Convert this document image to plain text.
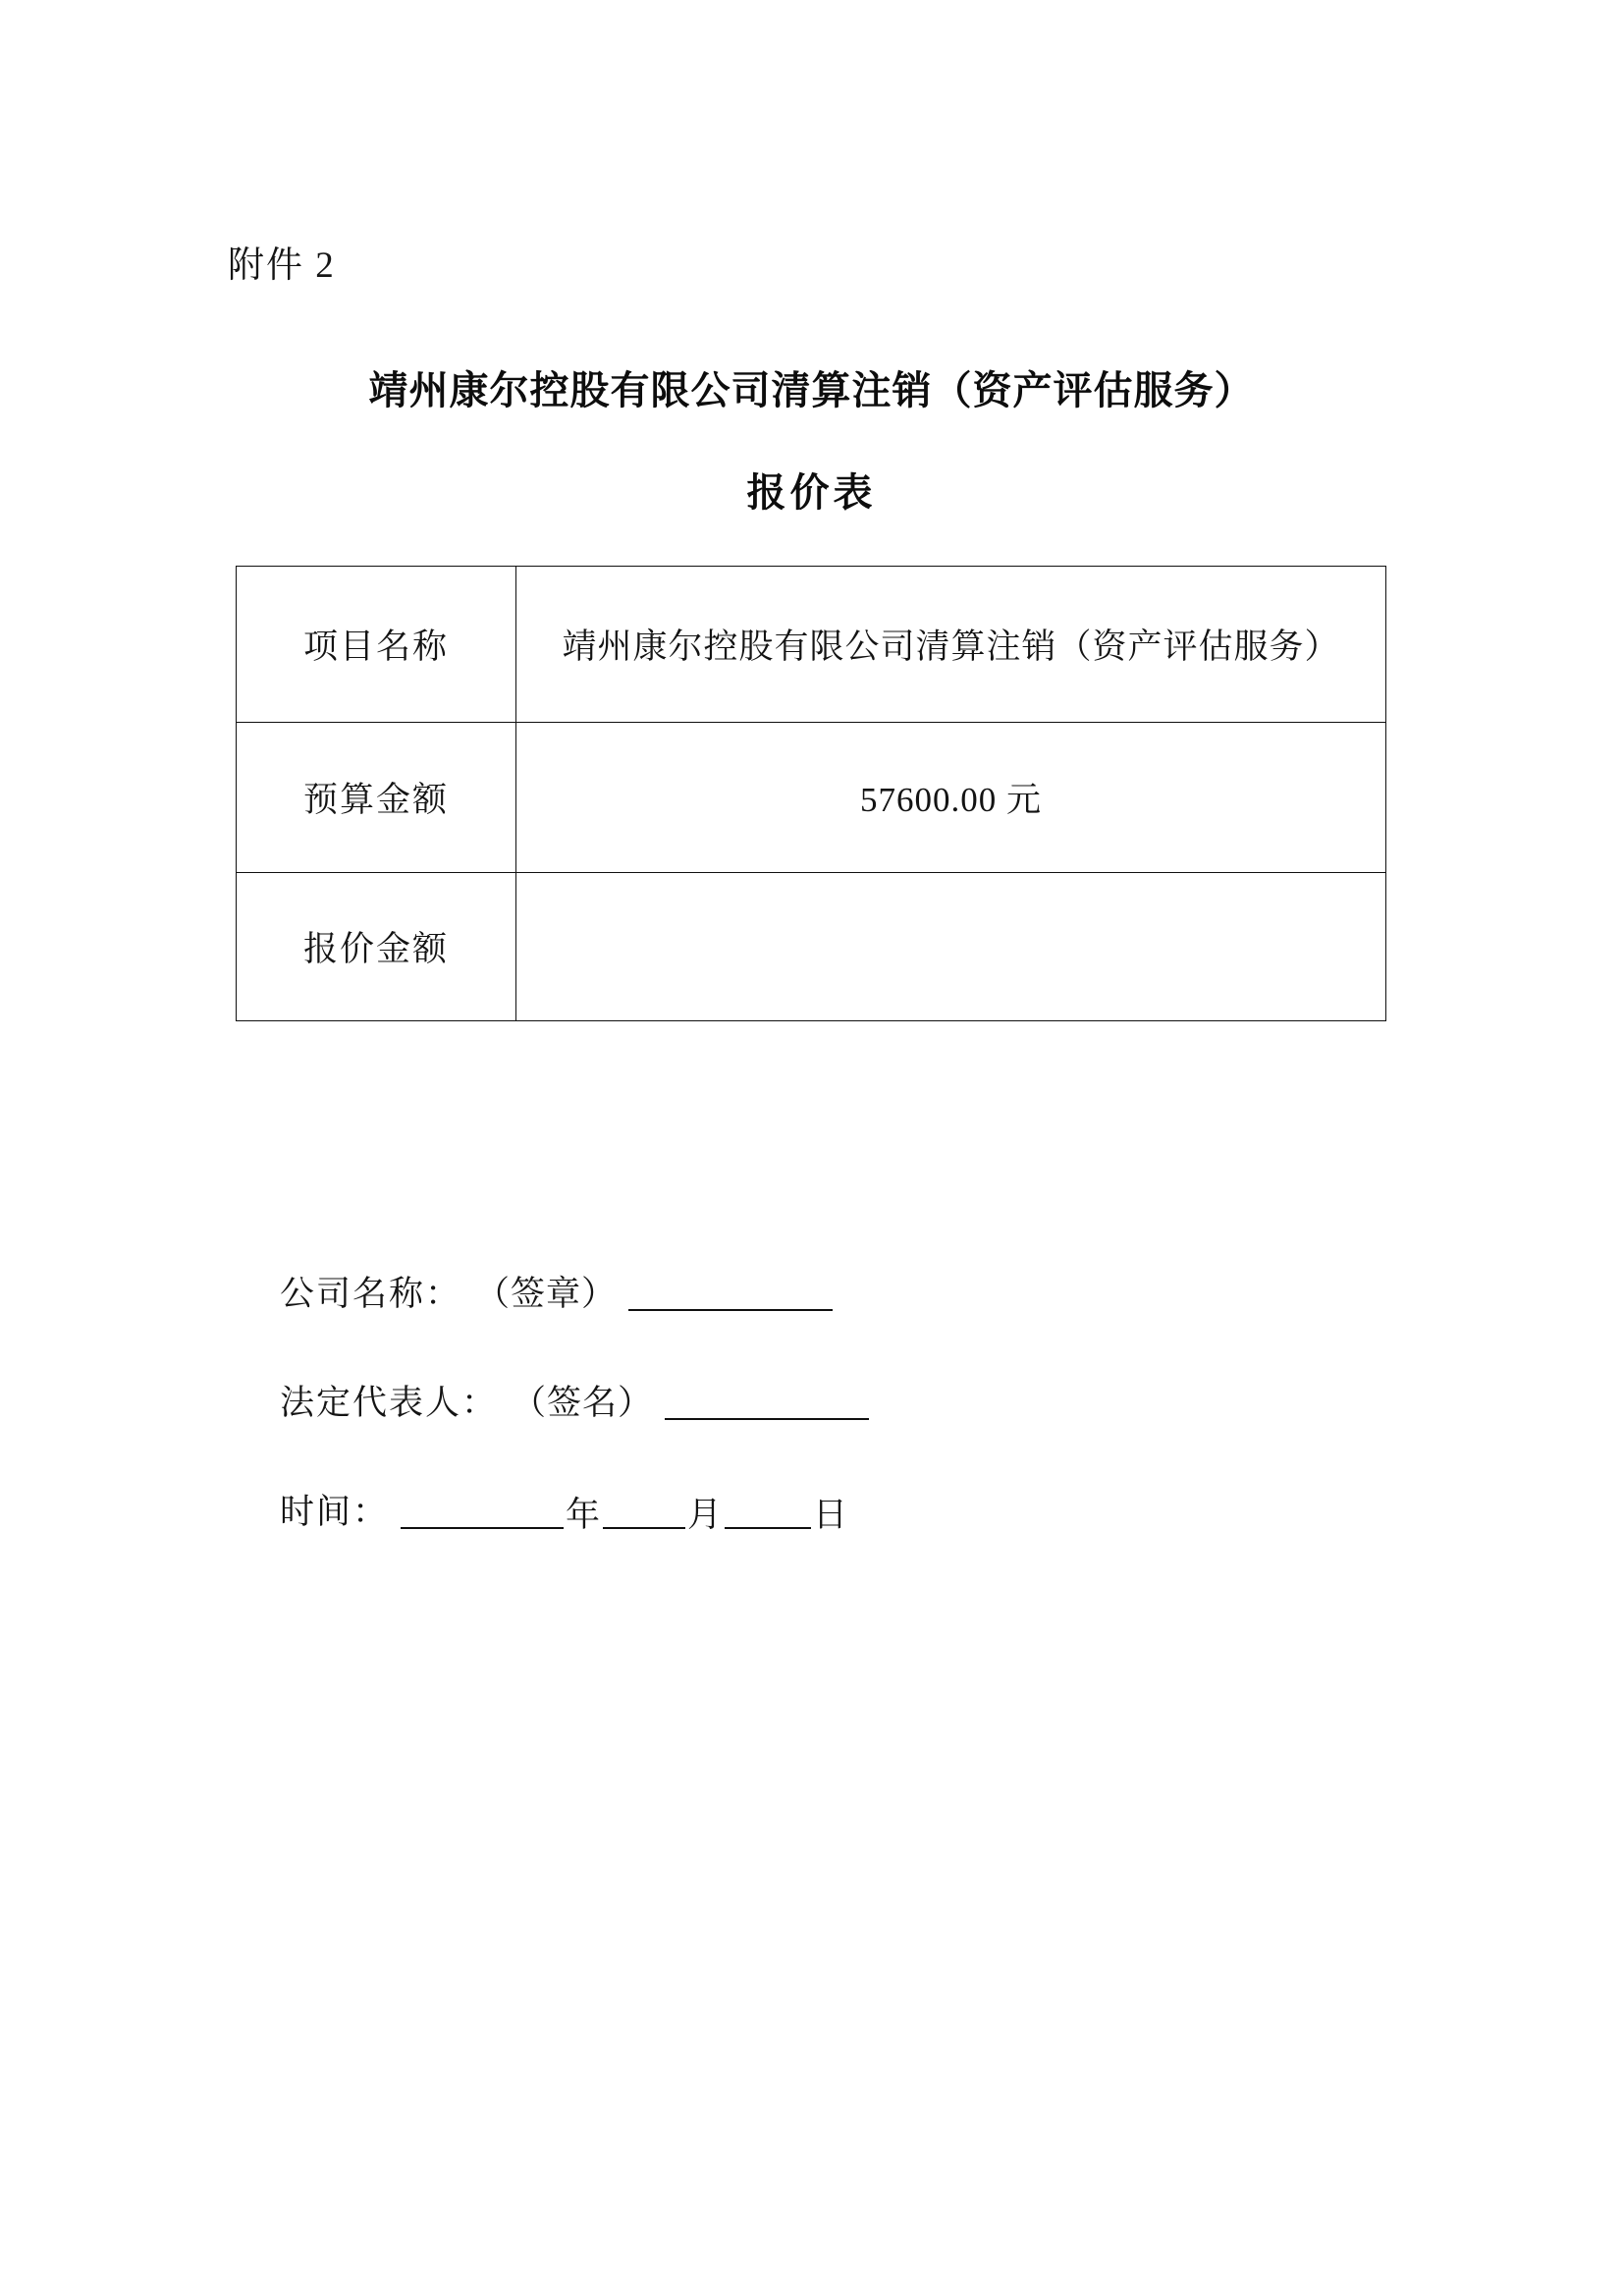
附件 2
靖州康尔控股有限公司清算注销（资产评估服务）
报价表
项目名称	靖州康尔控股有限公司清算注销（资产评估服务）
预算金额	57600.00 元
报价金额	
公司名称： （签章）
法定代表人： （签名）
时间：	年	月	日
